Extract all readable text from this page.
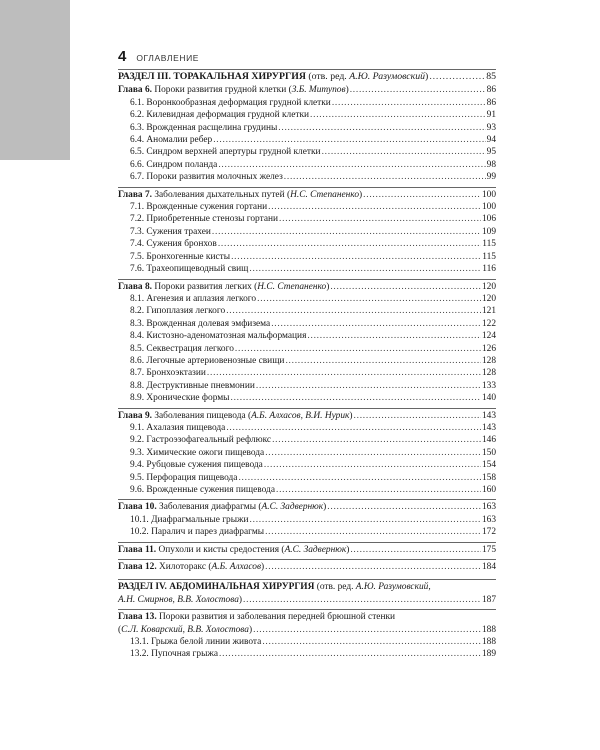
4 ОГЛАВЛЕНИЕ
РАЗДЕЛ III. ТОРАКАЛЬНАЯ ХИРУРГИЯ (отв. ред. А.Ю. Разумовский) . . .	85
Глава 6. Пороки развития грудной клетки (З.Б. Митупов) . . .	86
6.1. Воронкообразная деформация грудной клетки . . .	86
6.2. Килевидная деформация грудной клетки . . .	91
6.3. Врожденная расщелина грудины . . .	93
6.4. Аномалии ребер . . .	94
6.5. Синдром верхней апертуры грудной клетки . . .	95
6.6. Синдром поланда . . .	98
6.7. Пороки развития молочных желез . . .	99
Глава 7. Заболевания дыхательных путей (Н.С. Степаненко) . . .	100
7.1. Врожденные сужения гортани . . .	100
7.2. Приобретенные стенозы гортани . . .	106
7.3. Сужения трахеи . . .	109
7.4. Сужения бронхов . . .	115
7.5. Бронхогенные кисты . . .	115
7.6. Трахеопищеводный свищ . . .	116
Глава 8. Пороки развития легких (Н.С. Степаненко) . . .	120
8.1. Агенезия и аплазия легкого . . .	120
8.2. Гипоплазия легкого . . .	121
8.3. Врожденная долевая эмфизема . . .	122
8.4. Кистозно-аденоматозная мальформация . . .	124
8.5. Секвестрация легкого . . .	126
8.6. Легочные артериовенозные свищи . . .	128
8.7. Бронхоэктазии . . .	128
8.8. Деструктивные пневмонии . . .	133
8.9. Хронические формы . . .	140
Глава 9. Заболевания пищевода (А.Б. Алхасов, В.И. Нурик) . . .	143
9.1. Ахалазия пищевода . . .	143
9.2. Гастроэзофагеальный рефлюкс . . .	146
9.3. Химические ожоги пищевода . . .	150
9.4. Рубцовые сужения пищевода . . .	154
9.5. Перфорация пищевода . . .	158
9.6. Врожденные сужения пищевода . . .	160
Глава 10. Заболевания диафрагмы (А.С. Задвернюк) . . .	163
10.1. Диафрагмальные грыжи . . .	163
10.2. Паралич и парез диафрагмы . . .	172
Глава 11. Опухоли и кисты средостения (А.С. Задвернюк) . . .	175
Глава 12. Хилоторакс (А.Б. Алхасов) . . .	184
РАЗДЕЛ IV. АБДОМИНАЛЬНАЯ ХИРУРГИЯ (отв. ред. А.Ю. Разумовский,
А.Н. Смирнов, В.В. Холостова) . . .	187
Глава 13. Пороки развития и заболевания передней брюшной стенки
(С.Л. Коварский, В.В. Холостова) . . .	188
13.1. Грыжа белой линии живота . . .	188
13.2. Пупочная грыжа . . .	189
